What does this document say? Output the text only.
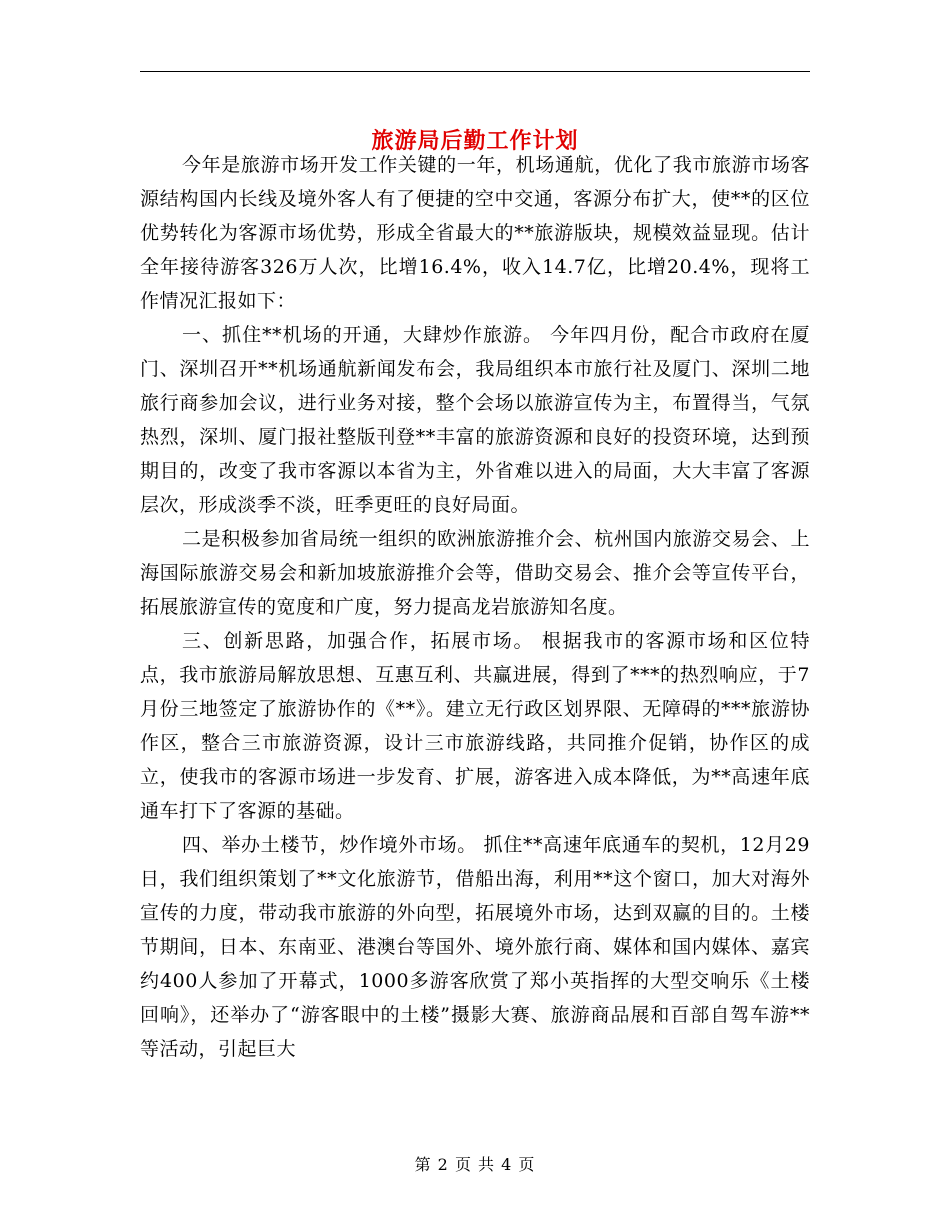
旅游局后勤工作计划

今年是旅游市场开发工作关键的一年，机场通航，优化了我市旅游市场客源结构国内长线及境外客人有了便捷的空中交通，客源分布扩大，使**的区位优势转化为客源市场优势，形成全省最大的**旅游版块，规模效益显现。估计全年接待游客326万人次，比增16.4%，收入14.7亿，比增20.4%，现将工作情况汇报如下：

一、抓住**机场的开通，大肆炒作旅游。 今年四月份，配合市政府在厦门、深圳召开**机场通航新闻发布会，我局组织本市旅行社及厦门、深圳二地旅行商参加会议，进行业务对接，整个会场以旅游宣传为主，布置得当，气氛热烈，深圳、厦门报社整版刊登**丰富的旅游资源和良好的投资环境，达到预期目的，改变了我市客源以本省为主，外省难以进入的局面，大大丰富了客源层次，形成淡季不淡，旺季更旺的良好局面。

二是积极参加省局统一组织的欧洲旅游推介会、杭州国内旅游交易会、上海国际旅游交易会和新加坡旅游推介会等，借助交易会、推介会等宣传平台，拓展旅游宣传的宽度和广度，努力提高龙岩旅游知名度。

三、创新思路，加强合作，拓展市场。 根据我市的客源市场和区位特点，我市旅游局解放思想、互惠互利、共赢进展，得到了***的热烈响应，于7月份三地签定了旅游协作的《**》。建立无行政区划界限、无障碍的***旅游协作区，整合三市旅游资源，设计三市旅游线路，共同推介促销，协作区的成立，使我市的客源市场进一步发育、扩展，游客进入成本降低，为**高速年底通车打下了客源的基础。

四、举办土楼节，炒作境外市场。 抓住**高速年底通车的契机，12月29日，我们组织策划了**文化旅游节，借船出海，利用**这个窗口，加大对海外宣传的力度，带动我市旅游的外向型，拓展境外市场，达到双赢的目的。土楼节期间，日本、东南亚、港澳台等国外、境外旅行商、媒体和国内媒体、嘉宾约400人参加了开幕式，1000多游客欣赏了郑小英指挥的大型交响乐《土楼回响》，还举办了“游客眼中的土楼”摄影大赛、旅游商品展和百部自驾车游**等活动，引起巨大

第 2 页 共 4 页
